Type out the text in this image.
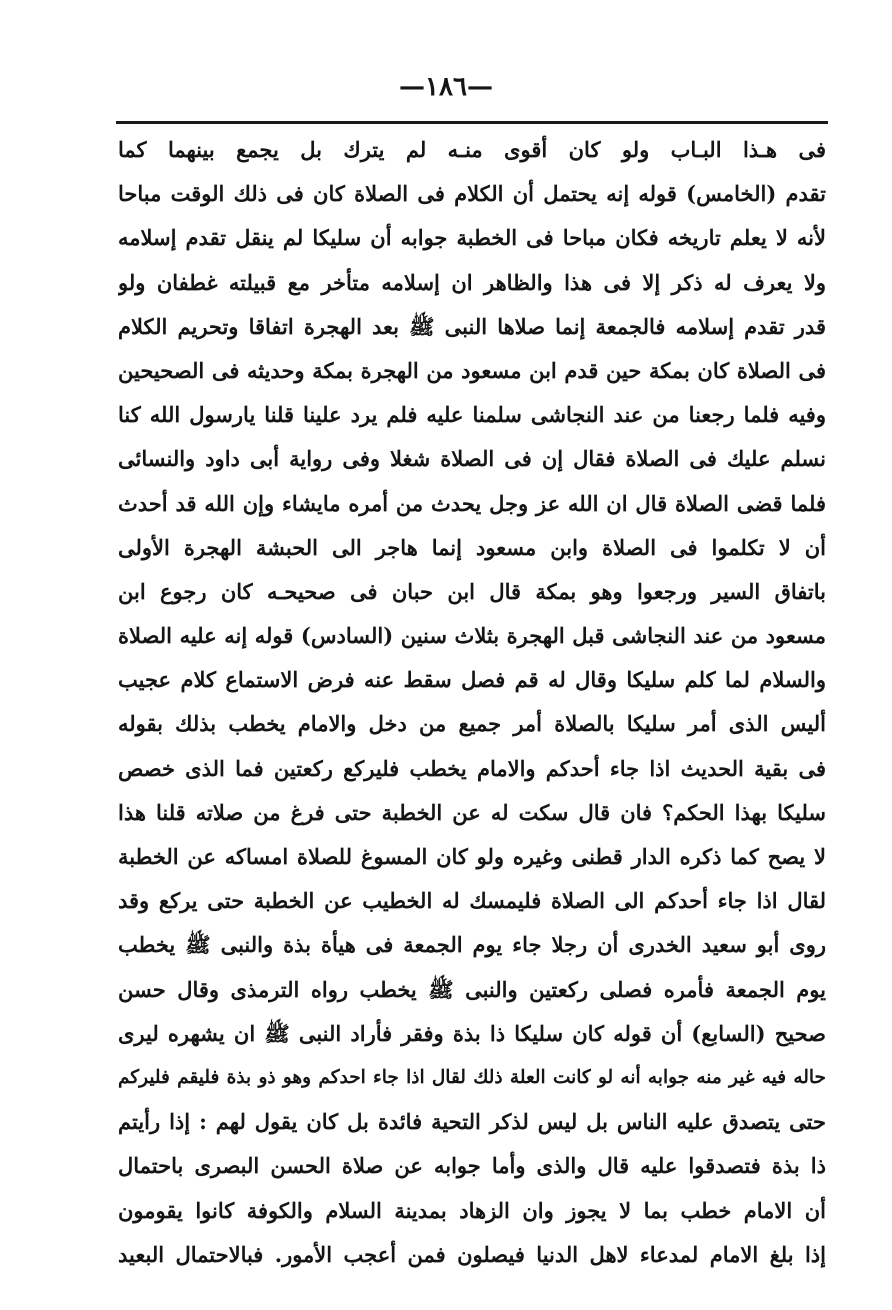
—١٨٦—
فى هـذا البـاب ولو كان أقوى منـه لم يترك بل يجمع بينهما كما
تقدم (الخامس) قوله إنه يحتمل أن الكلام فى الصلاة كان فى ذلك الوقت مباحا
لأنه لا يعلم تاريخه فكان مباحا فى الخطبة جوابه أن سليكا لم ينقل تقدم إسلامه
ولا يعرف له ذكر إلا فى هذا والظاهر ان إسلامه متأخر مع قبيلته غطفان ولو
قدر تقدم إسلامه فالجمعة إنما صلاها النبى ﷺ بعد الهجرة اتفاقا وتحريم الكلام
فى الصلاة كان بمكة حين قدم ابن مسعود من الهجرة بمكة وحديثه فى الصحيحين
وفيه فلما رجعنا من عند النجاشى سلمنا عليه فلم يرد علينا قلنا يارسول الله كنا
نسلم عليك فى الصلاة فقال إن فى الصلاة شغلا وفى رواية أبى داود والنسائى
فلما قضى الصلاة قال ان الله عز وجل يحدث من أمره مايشاء وإن الله قد أحدث
أن لا تكلموا فى الصلاة وابن مسعود إنما هاجر الى الحبشة الهجرة الأولى
باتفاق السير ورجعوا وهو بمكة قال ابن حبان فى صحيحـه كان رجوع ابن
مسعود من عند النجاشى قبل الهجرة بثلاث سنين (السادس) قوله إنه عليه الصلاة
والسلام لما كلم سليكا وقال له قم فصل سقط عنه فرض الاستماع كلام عجيب
أليس الذى أمر سليكا بالصلاة أمر جميع من دخل والامام يخطب بذلك بقوله
فى بقية الحديث اذا جاء أحدكم والامام يخطب فليركع ركعتين فما الذى خصص
سليكا بهذا الحكم؟ فان قال سكت له عن الخطبة حتى فرغ من صلاته قلنا هذا
لا يصح كما ذكره الدار قطنى وغيره ولو كان المسوغ للصلاة امساكه عن الخطبة
لقال اذا جاء أحدكم الى الصلاة فليمسك له الخطيب عن الخطبة حتى يركع وقد
روى أبو سعيد الخدرى أن رجلا جاء يوم الجمعة فى هيأة بذة والنبى ﷺ يخطب
يوم الجمعة فأمره فصلى ركعتين والنبى ﷺ يخطب رواه الترمذى وقال حسن
صحيح (السابع) أن قوله كان سليكا ذا بذة وفقر فأراد النبى ﷺ ان يشهره ليرى
حاله فيه غير منه جوابه أنه لو كانت العلة ذلك لقال اذا جاء احدكم وهو ذو بذة فليقم فليركم
حتى يتصدق عليه الناس بل ليس لذكر التحية فائدة بل كان يقول لهم : إذا رأيتم
ذا بذة فتصدقوا عليه قال والذى وأما جوابه عن صلاة الحسن البصرى باحتمال
أن الامام خطب بما لا يجوز وان الزهاد بمدينة السلام والكوفة كانوا يقومون
إذا بلغ الامام لمدعاء لاهل الدنيا فيصلون فمن أعجب الأمور. فبالاحتمال البعيد
